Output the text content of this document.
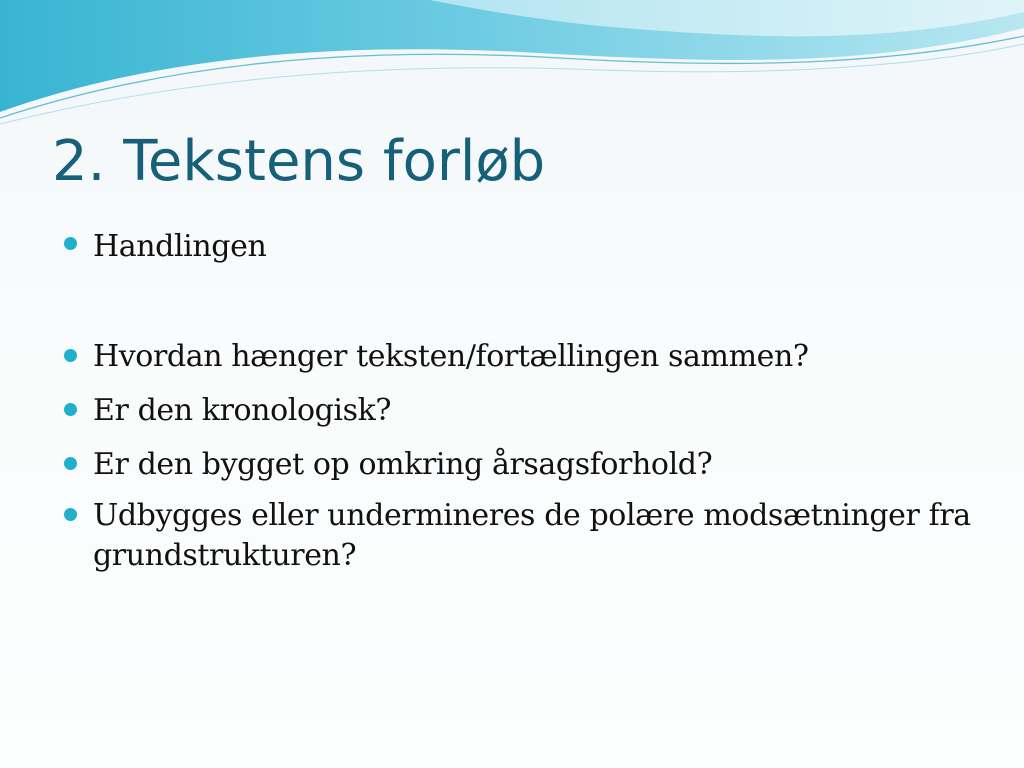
2. Tekstens forløb
Handlingen
Hvordan hænger teksten/fortællingen sammen?
Er den kronologisk?
Er den bygget op omkring årsagsforhold?
Udbygges eller undermineres de polære modsætninger fra grundstrukturen?
